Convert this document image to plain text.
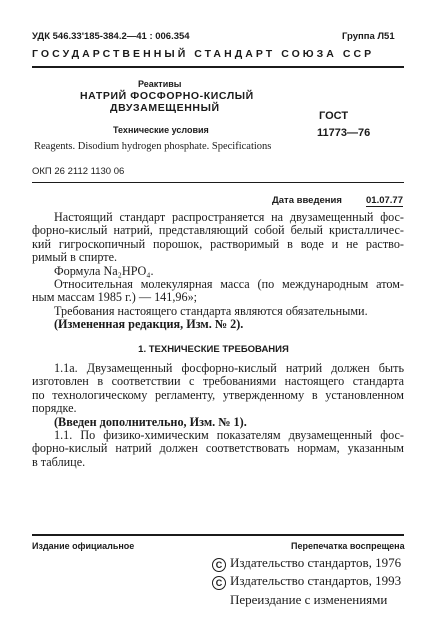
УДК 546.33'185-384.2—41 : 006.354	Группа Л51
ГОСУДАРСТВЕННЫЙ СТАНДАРТ СОЮЗА ССР
Реактивы
НАТРИЙ ФОСФОРНО-КИСЛЫЙ
ДВУЗАМЕЩЕННЫЙ
ГОСТ
Технические условия	11773—76
Reagents. Disodium hydrogen phosphate. Specifications
ОКП 26 2112 1130 06
Дата введения	01.07.77
Настоящий стандарт распространяется на двузамещенный фос-
форно-кислый натрий, представляющий собой белый кристалличес-
кий гигроскопичный порошок, растворимый в воде и не раство-
римый в спирте.
Формула Na₂HPO₄.
Относительная молекулярная масса (по международным атом-
ным массам 1985 г.) — 141,96»;
Требования настоящего стандарта являются обязательными.
(Измененная редакция, Изм. № 2).
1. ТЕХНИЧЕСКИЕ ТРЕБОВАНИЯ
1.1а. Двузамещенный фосфорно-кислый натрий должен быть
изготовлен в соответствии с требованиями настоящего стандарта
по технологическому регламенту, утвержденному в установленном
порядке.
(Введен дополнительно, Изм. № 1).
1.1. По физико-химическим показателям двузамещенный фос-
форно-кислый натрий должен соответствовать нормам, указанным
в таблице.
Издание официальное	Перепечатка воспрещена
С Издательство стандартов, 1976
С Издательство стандартов, 1993
Переиздание с изменениями
